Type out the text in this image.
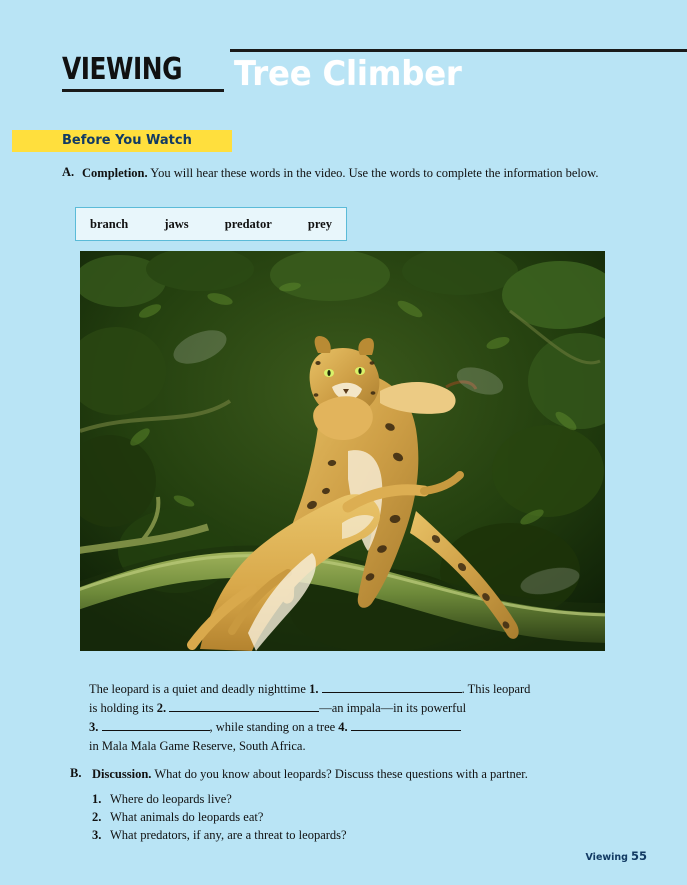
VIEWING Tree Climber
Before You Watch
A. Completion. You will hear these words in the video. Use the words to complete the information below.
branch	jaws	predator	prey
The leopard is a quiet and deadly nighttime 1.	. This leopard
is holding its 2.	—an impala—in its powerful
3.	, while standing on a tree 4.
in Mala Mala Game Reserve, South Africa.
B. Discussion. What do you know about leopards? Discuss these questions with a partner.
1. Where do leopards live?
2. What animals do leopards eat?
3. What predators, if any, are a threat to leopards?
Viewing 55
